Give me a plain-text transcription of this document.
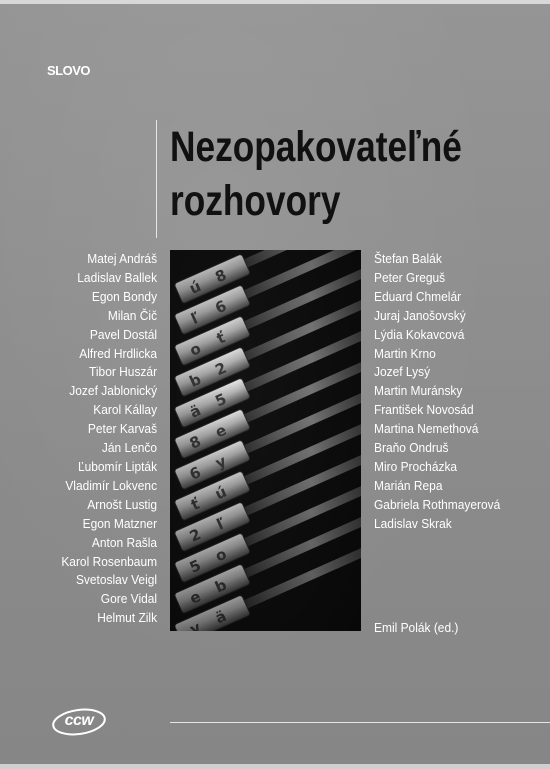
SLOVO
Nezopakovateľné
rozhovory
Matej Andráš
Ladislav Ballek
Egon Bondy
Milan Čič
Pavel Dostál
Alfred Hrdlicka
Tibor Huszár
Jozef Jablonický
Karol Kállay
Peter Karvaš
Ján Lenčo
Ľubomír Lipták
Vladimír Lokvenc
Arnošt Lustig
Egon Matzner
Anton Rašla
Karol Rosenbaum
Svetoslav Veigl
Gore Vidal
Helmut Zilk
Štefan Balák
Peter Greguš
Eduard Chmelár
Juraj Janošovský
Lýdia Kokavcová
Martin Krno
Jozef Lysý
Martin Muránsky
František Novosád
Martina Nemethová
Braňo Ondruš
Miro Procházka
Marián Repa
Gabriela Rothmayerová
Ladislav Skrak
Emil Polák (ed.)
ccw
